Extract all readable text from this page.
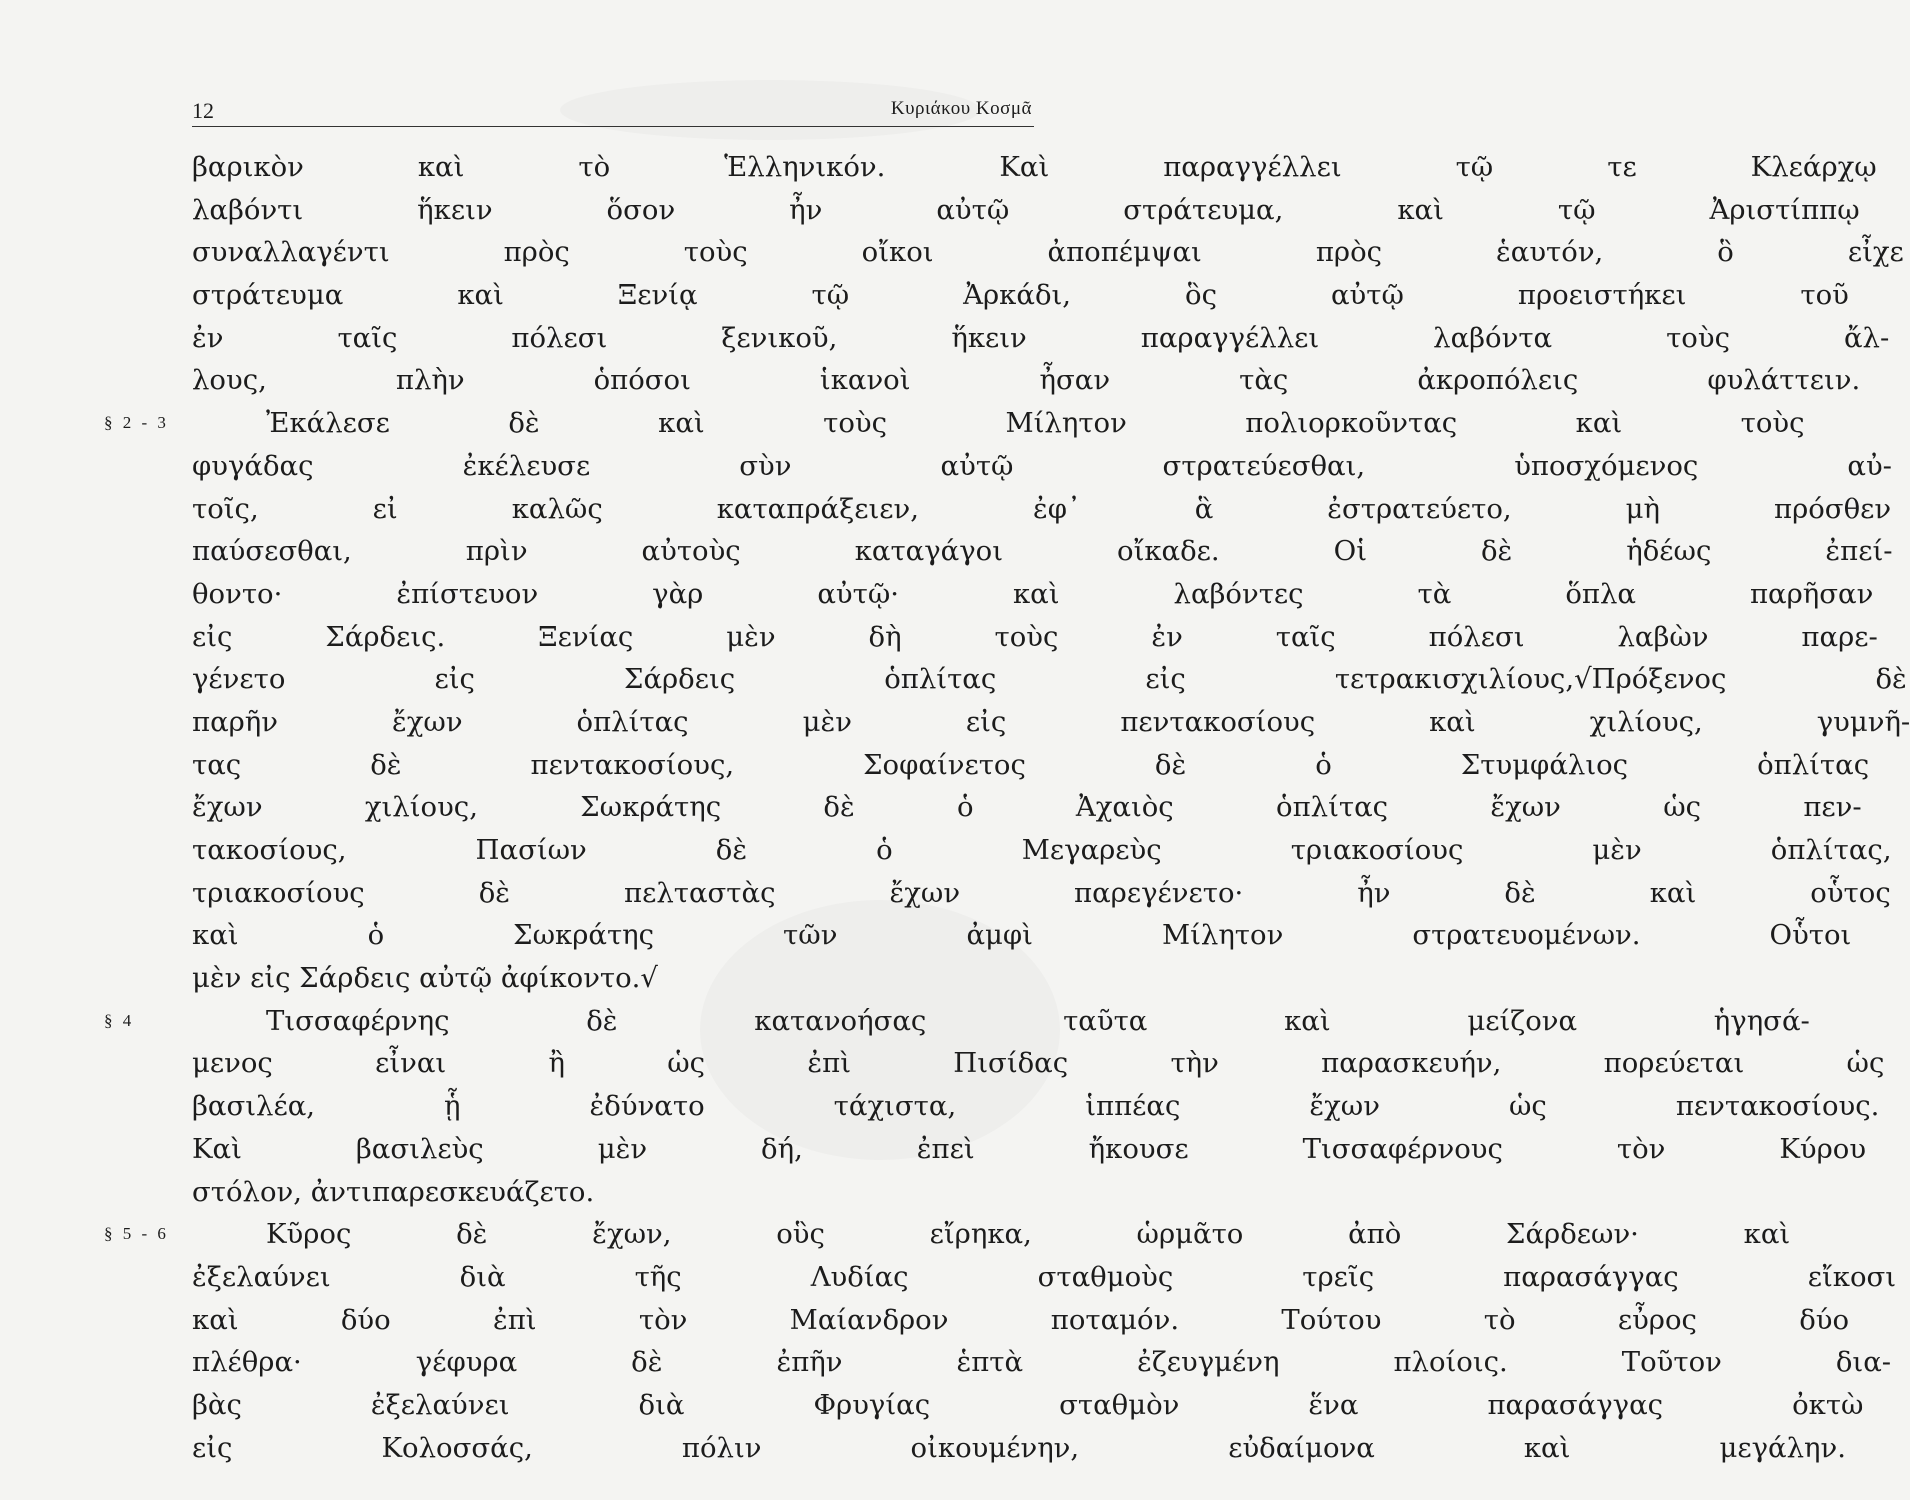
12	Κυριάκου Κοσμᾶ
βαρικὸν καὶ τὸ Ἑλληνικόν. Καὶ παραγγέλλει τῷ τε Κλεάρχῳ
λαβόντι ἥκειν ὅσον ἦν αὐτῷ στράτευμα, καὶ τῷ Ἀριστίππῳ
συναλλαγέντι πρὸς τοὺς οἴκοι ἀποπέμψαι πρὸς ἑαυτόν, ὃ εἶχε
στράτευμα καὶ Ξενίᾳ τῷ Ἀρκάδι, ὃς αὐτῷ προειστήκει τοῦ
ἐν ταῖς πόλεσι ξενικοῦ, ἥκειν παραγγέλλει λαβόντα τοὺς ἄλ-
λους, πλὴν ὁπόσοι ἱκανοὶ ἦσαν τὰς ἀκροπόλεις φυλάττειν.
§ 2 - 3	Ἐκάλεσε δὲ καὶ τοὺς Μίλητον πολιορκοῦντας καὶ τοὺς
φυγάδας ἐκέλευσε σὺν αὐτῷ στρατεύεσθαι, ὑποσχόμενος αὐ-
τοῖς, εἰ καλῶς καταπράξειεν, ἐφ᾽ ἃ ἐστρατεύετο, μὴ πρόσθεν
παύσεσθαι, πρὶν αὐτοὺς καταγάγοι οἴκαδε. Οἱ δὲ ἡδέως ἐπεί-
θοντο· ἐπίστευον γὰρ αὐτῷ· καὶ λαβόντες τὰ ὅπλα παρῆσαν
εἰς Σάρδεις. Ξενίας μὲν δὴ τοὺς ἐν ταῖς πόλεσι λαβὼν παρε-
γένετο εἰς Σάρδεις ὁπλίτας εἰς τετρακισχιλίους,√Πρόξενος δὲ
παρῆν ἔχων ὁπλίτας μὲν εἰς πεντακοσίους καὶ χιλίους, γυμνῆ-
τας δὲ πεντακοσίους, Σοφαίνετος δὲ ὁ Στυμφάλιος ὁπλίτας
ἔχων χιλίους, Σωκράτης δὲ ὁ Ἀχαιὸς ὁπλίτας ἔχων ὡς πεν-
τακοσίους, Πασίων δὲ ὁ Μεγαρεὺς τριακοσίους μὲν ὁπλίτας,
τριακοσίους δὲ πελταστὰς ἔχων παρεγένετο· ἦν δὲ καὶ οὗτος
καὶ ὁ Σωκράτης τῶν ἀμφὶ Μίλητον στρατευομένων. Οὗτοι
μὲν εἰς Σάρδεις αὐτῷ ἀφίκοντο.√
§ 4	Τισσαφέρνης δὲ κατανοήσας ταῦτα καὶ μείζονα ἡγησά-
μενος εἶναι ἢ ὡς ἐπὶ Πισίδας τὴν παρασκευήν, πορεύεται ὡς
βασιλέα, ᾗ ἐδύνατο τάχιστα, ἱππέας ἔχων ὡς πεντακοσίους.
Καὶ βασιλεὺς μὲν δή, ἐπεὶ ἤκουσε Τισσαφέρνους τὸν Κύρου
στόλον, ἀντιπαρεσκευάζετο.
§ 5 - 6	Κῦρος δὲ ἔχων, οὓς εἴρηκα, ὡρμᾶτο ἀπὸ Σάρδεων· καὶ
ἐξελαύνει διὰ τῆς Λυδίας σταθμοὺς τρεῖς παρασάγγας εἴκοσι
καὶ δύο ἐπὶ τὸν Μαίανδρον ποταμόν. Τούτου τὸ εὖρος δύο
πλέθρα· γέφυρα δὲ ἐπῆν ἑπτὰ ἐζευγμένη πλοίοις. Τοῦτον δια-
βὰς ἐξελαύνει διὰ Φρυγίας σταθμὸν ἕνα παρασάγγας ὀκτὼ
εἰς Κολοσσάς, πόλιν οἰκουμένην, εὐδαίμονα καὶ μεγάλην.
